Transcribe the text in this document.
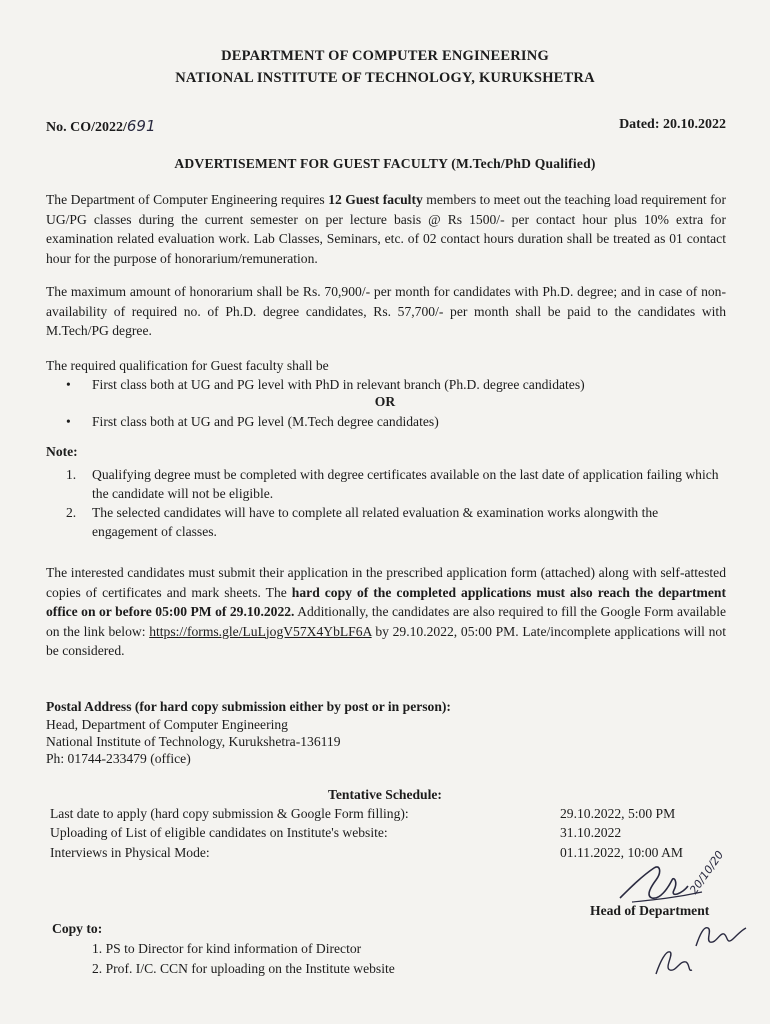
DEPARTMENT OF COMPUTER ENGINEERING
NATIONAL INSTITUTE OF TECHNOLOGY, KURUKSHETRA
No. CO/2022/691	Dated: 20.10.2022
ADVERTISEMENT FOR GUEST FACULTY (M.Tech/PhD Qualified)
The Department of Computer Engineering requires 12 Guest faculty members to meet out the teaching load requirement for UG/PG classes during the current semester on per lecture basis @ Rs 1500/- per contact hour plus 10% extra for examination related evaluation work. Lab Classes, Seminars, etc. of 02 contact hours duration shall be treated as 01 contact hour for the purpose of honorarium/remuneration.
The maximum amount of honorarium shall be Rs. 70,900/- per month for candidates with Ph.D. degree; and in case of non-availability of required no. of Ph.D. degree candidates, Rs. 57,700/- per month shall be paid to the candidates with M.Tech/PG degree.
The required qualification for Guest faculty shall be
• First class both at UG and PG level with PhD in relevant branch (Ph.D. degree candidates)
OR
• First class both at UG and PG level (M.Tech degree candidates)
Note:
1. Qualifying degree must be completed with degree certificates available on the last date of application failing which the candidate will not be eligible.
2. The selected candidates will have to complete all related evaluation & examination works alongwith the engagement of classes.
The interested candidates must submit their application in the prescribed application form (attached) along with self-attested copies of certificates and mark sheets. The hard copy of the completed applications must also reach the department office on or before 05:00 PM of 29.10.2022. Additionally, the candidates are also required to fill the Google Form available on the link below: https://forms.gle/LuLjogV57X4YbLF6A by 29.10.2022, 05:00 PM. Late/incomplete applications will not be considered.
Postal Address (for hard copy submission either by post or in person):
Head, Department of Computer Engineering
National Institute of Technology, Kurukshetra-136119
Ph: 01744-233479 (office)
Tentative Schedule:
Last date to apply (hard copy submission & Google Form filling):	29.10.2022, 5:00 PM
Uploading of List of eligible candidates on Institute's website:	31.10.2022
Interviews in Physical Mode:	01.11.2022, 10:00 AM 20/10/20
Head of Department
Copy to:
1. PS to Director for kind information of Director
2. Prof. I/C. CCN for uploading on the Institute website
